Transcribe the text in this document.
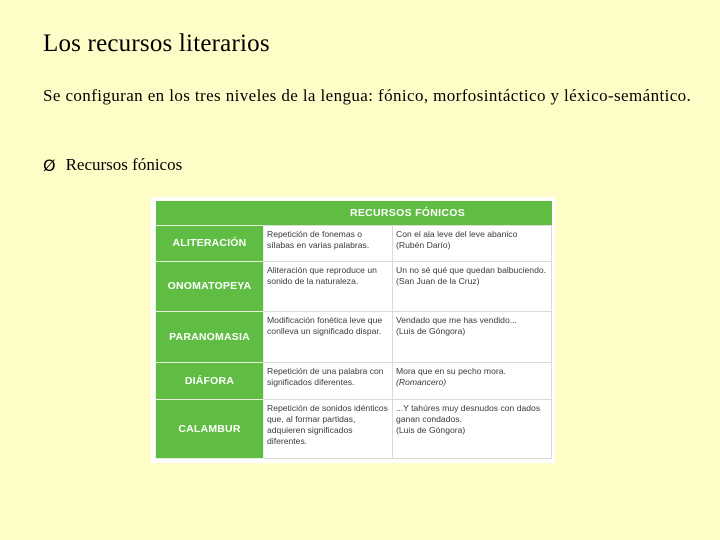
Los recursos literarios
Se configuran en los tres niveles de la lengua: fónico, morfosintáctico y léxico-semántico.
Ø Recursos fónicos
	RECURSOS FÓNICOS	
ALITERACIÓN	Repetición de fonemas o sílabas en varias palabras.	Con el ala leve del leve abanico
(Rubén Darío)

ONOMATOPEYA	Aliteración que reproduce un sonido de la naturaleza.	Un no sé qué que quedan balbuciendo.
(San Juan de la Cruz)

PARANOMASIA	Modificación fonética leve que conlleva un significado dispar.	Vendado que me has vendido...
(Luis de Góngora)

DIÁFORA	Repetición de una palabra con significados diferentes.	Mora que en su pecho mora.
(Romancero)

CALAMBUR	Repetición de sonidos idénticos que, al formar partidas, adquieren significados diferentes.	...Y tahúres muy desnudos con dados ganan condados.
(Luis de Góngora)
